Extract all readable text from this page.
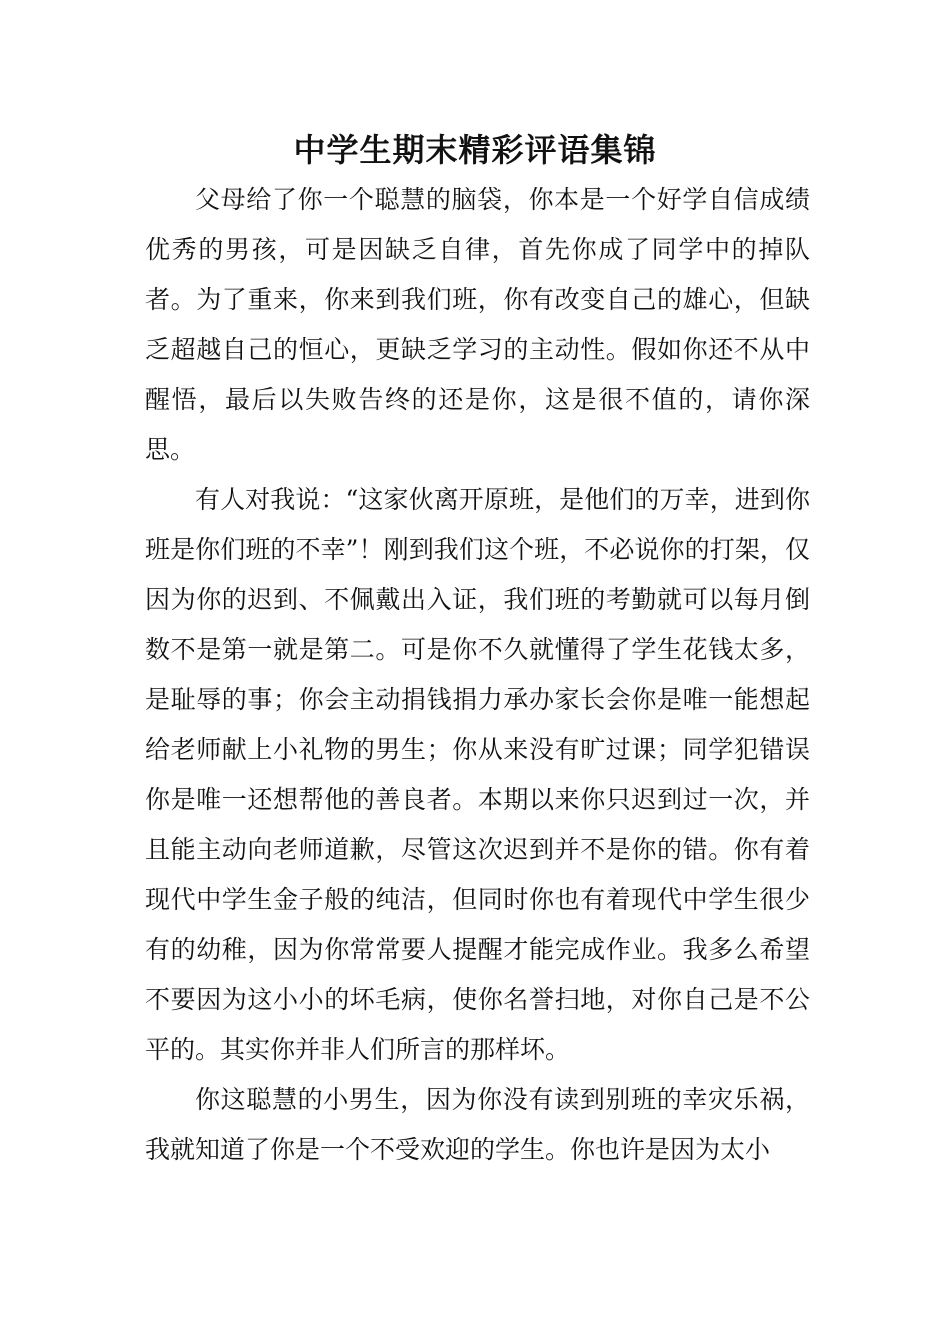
中学生期末精彩评语集锦

父母给了你一个聪慧的脑袋，你本是一个好学自信成绩优秀的男孩，可是因缺乏自律，首先你成了同学中的掉队者。为了重来，你来到我们班，你有改变自己的雄心，但缺乏超越自己的恒心，更缺乏学习的主动性。假如你还不从中醒悟，最后以失败告终的还是你，这是很不值的，请你深思。

有人对我说：“这家伙离开原班，是他们的万幸，进到你班是你们班的不幸”！刚到我们这个班，不必说你的打架，仅因为你的迟到、不佩戴出入证，我们班的考勤就可以每月倒数不是第一就是第二。可是你不久就懂得了学生花钱太多，是耻辱的事；你会主动捐钱捐力承办家长会你是唯一能想起给老师献上小礼物的男生；你从来没有旷过课；同学犯错误你是唯一还想帮他的善良者。本期以来你只迟到过一次，并且能主动向老师道歉，尽管这次迟到并不是你的错。你有着现代中学生金子般的纯洁，但同时你也有着现代中学生很少有的幼稚，因为你常常要人提醒才能完成作业。我多么希望不要因为这小小的坏毛病，使你名誉扫地，对你自己是不公平的。其实你并非人们所言的那样坏。

你这聪慧的小男生，因为你没有读到别班的幸灾乐祸，我就知道了你是一个不受欢迎的学生。你也许是因为太小
